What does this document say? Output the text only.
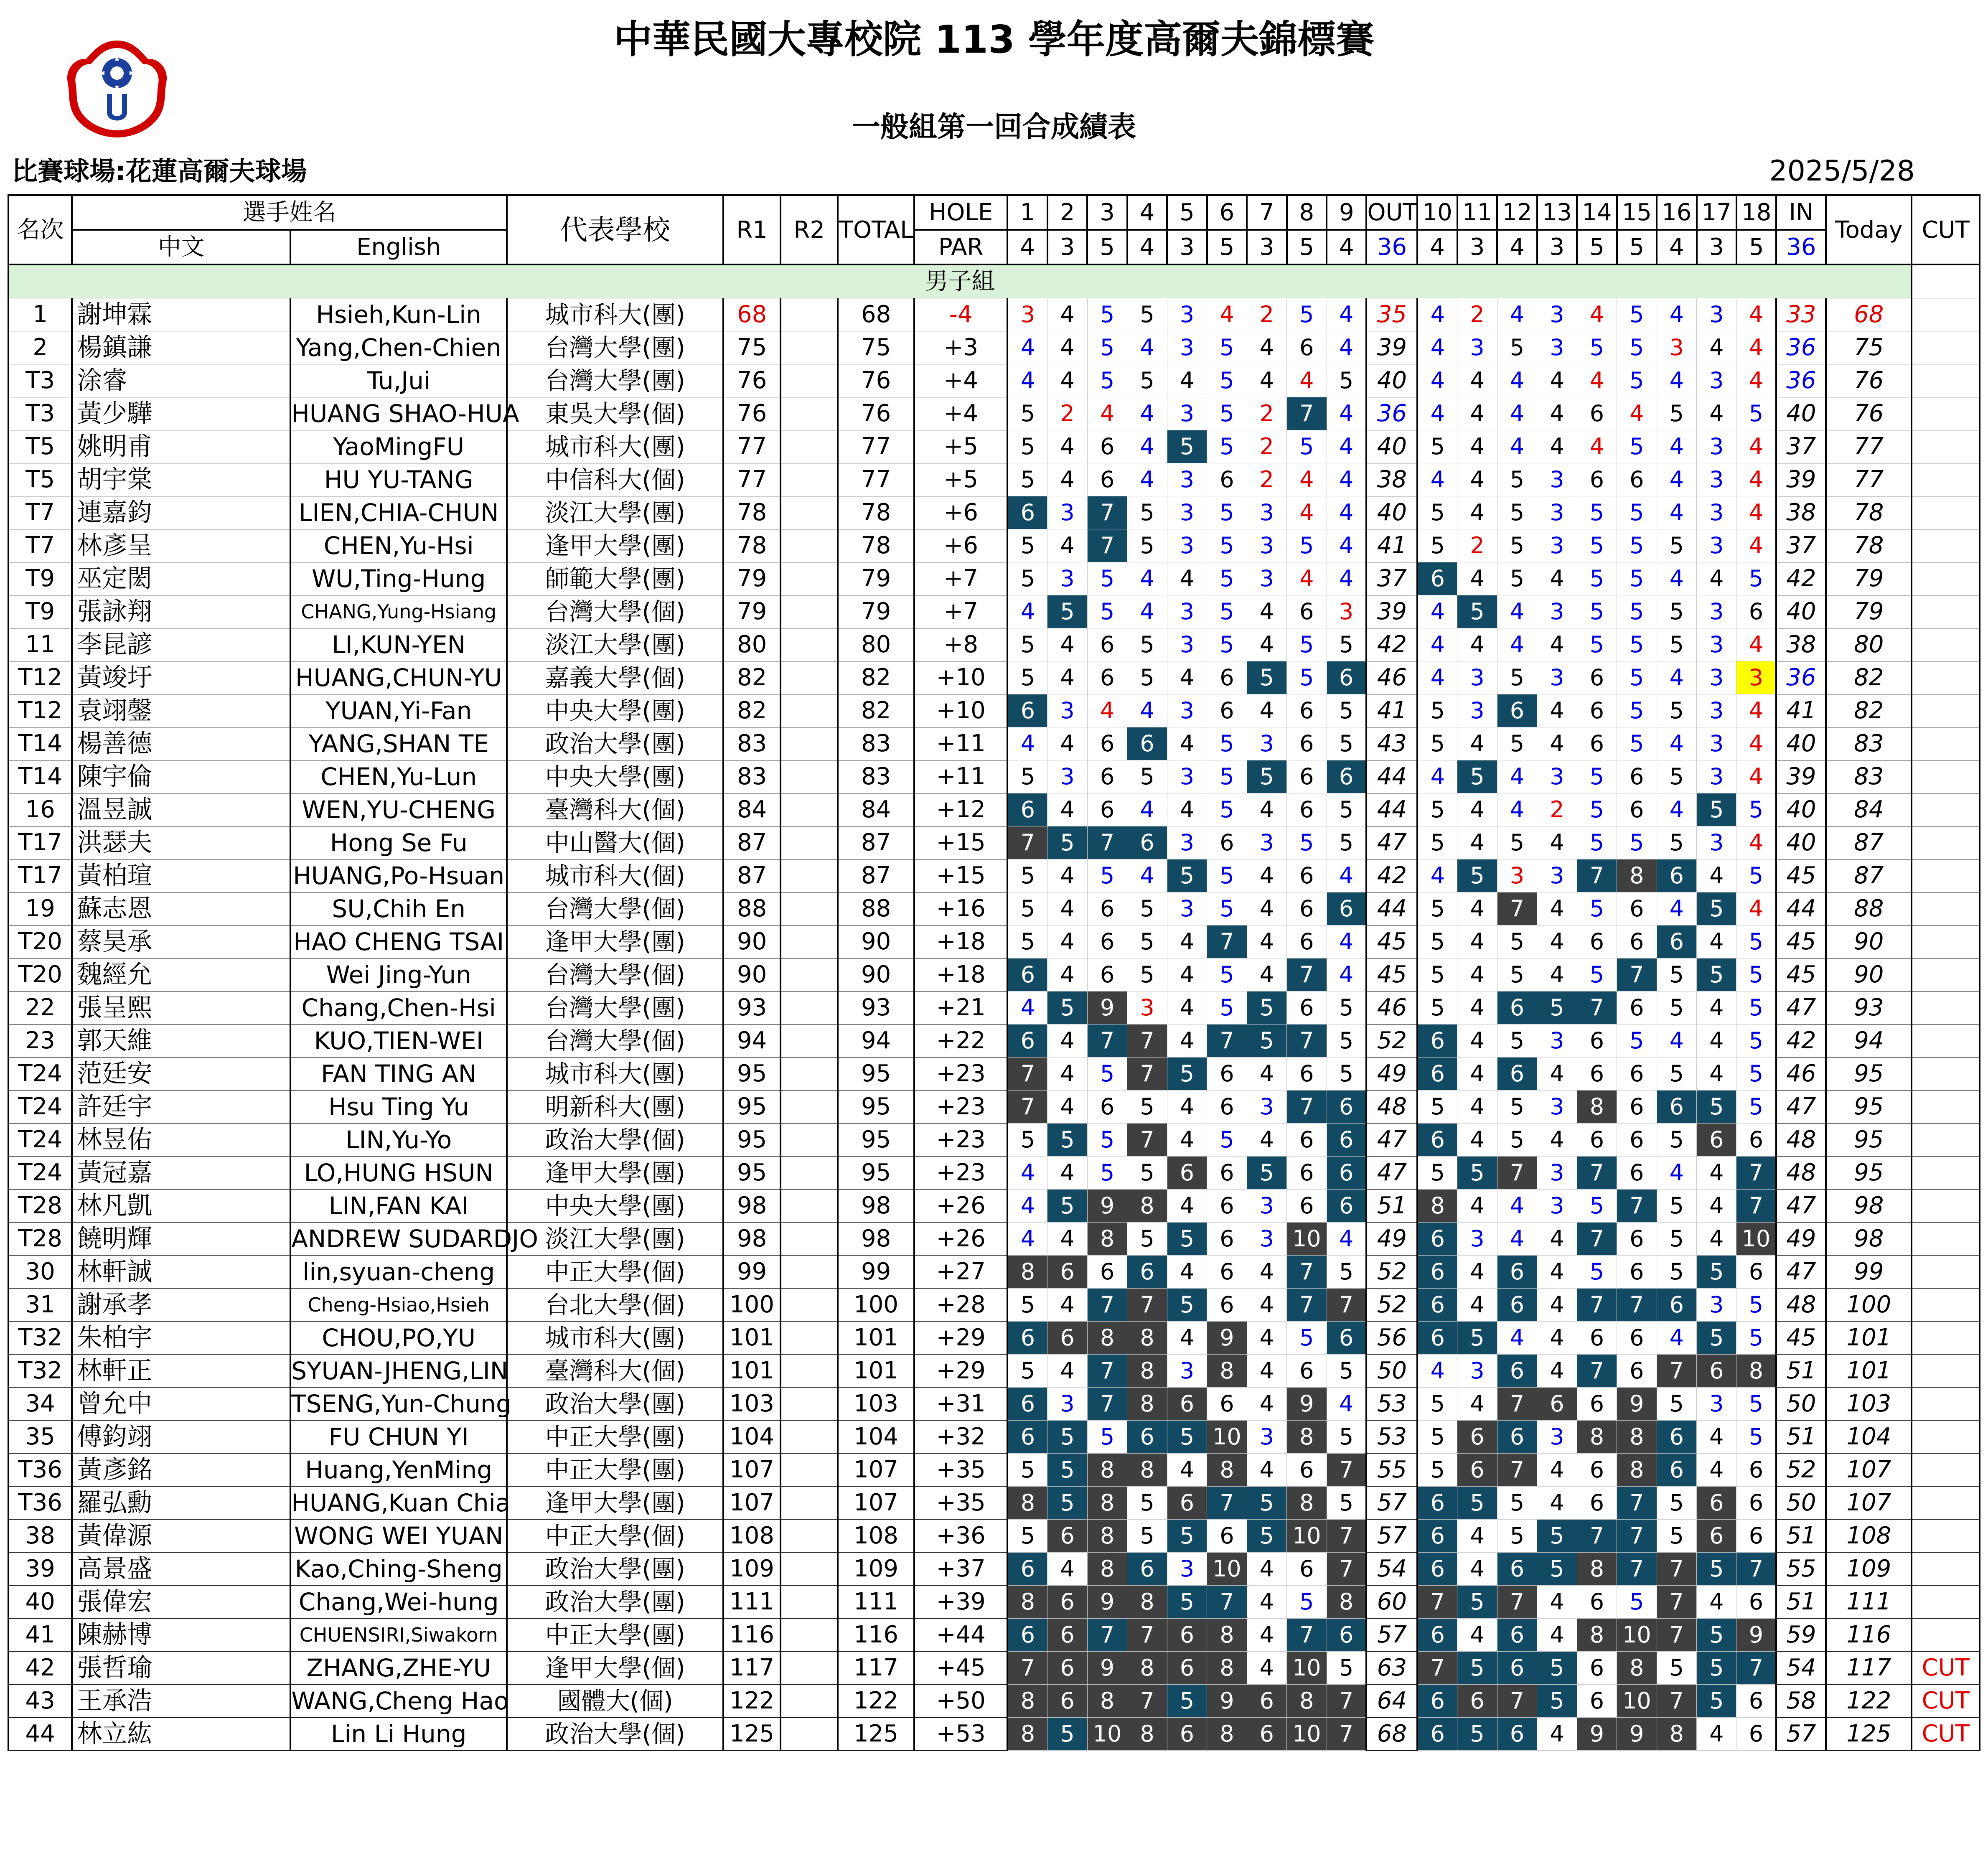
中華民國大專校院 113 學年度高爾夫錦標賽
一般組第一回合成績表
比賽球場:花蓮高爾夫球場	2025/5/28
名次	選手姓名		代表學校	R1	R2	TOTAL	HOLE	1	2	3	4	5	6	7	8	9	OUT	10	11	12	13	14	15	16	17	18	IN	Today	CUT
	中文	English					PAR	4	3	5	4	3	5	3	5	4	36	4	3	4	3	5	5	4	3	5	36		
男子組																													
1	謝坤霖	Hsieh,Kun-Lin	城市科大(團)	68		68	-4	3	4	5	5	3	4	2	5	4	35	4	2	4	3	4	5	4	3	4	33	68	
2	楊鎮謙	Yang,Chen-Chien	台灣大學(團)	75		75	+3	4	4	5	4	3	5	4	6	4	39	4	3	5	3	5	5	3	4	4	36	75	
T3	涂睿	Tu,Jui	台灣大學(團)	76		76	+4	4	4	5	5	4	5	4	4	5	40	4	4	4	4	4	5	4	3	4	36	76	
T3	黃少驊	HUANG SHAO-HUA	東吳大學(個)	76		76	+4	5	2	4	4	3	5	2	7	4	36	4	4	4	4	6	4	5	4	5	40	76	
T5	姚明甫	YaoMingFU	城市科大(團)	77		77	+5	5	4	6	4	5	5	2	5	4	40	5	4	4	4	4	5	4	3	4	37	77	
T5	胡宇棠	HU YU-TANG	中信科大(個)	77		77	+5	5	4	6	4	3	6	2	4	4	38	4	4	5	3	6	6	4	3	4	39	77	
T7	連嘉鈞	LIEN,CHIA-CHUN	淡江大學(團)	78		78	+6	6	3	7	5	3	5	3	4	4	40	5	4	5	3	5	5	4	3	4	38	78	
T7	林彥呈	CHEN,Yu-Hsi	逢甲大學(團)	78		78	+6	5	4	7	5	3	5	3	5	4	41	5	2	5	3	5	5	5	3	4	37	78	
T9	巫定閎	WU,Ting-Hung	師範大學(團)	79		79	+7	5	3	5	4	4	5	3	4	4	37	6	4	5	4	5	5	4	4	5	42	79	
T9	張詠翔	CHANG,Yung-Hsiang	台灣大學(個)	79		79	+7	4	5	5	4	3	5	4	6	3	39	4	5	4	3	5	5	5	3	6	40	79	
11	李昆諺	LI,KUN-YEN	淡江大學(團)	80		80	+8	5	4	6	5	3	5	4	5	5	42	4	4	4	4	5	5	5	3	4	38	80	
T12	黃竣圩	HUANG,CHUN-YU	嘉義大學(個)	82		82	+10	5	4	6	5	4	6	5	5	6	46	4	3	5	3	6	5	4	3	3	36	82	
T12	袁翊鏧	YUAN,Yi-Fan	中央大學(團)	82		82	+10	6	3	4	4	3	6	4	6	5	41	5	3	6	4	6	5	5	3	4	41	82	
T14	楊善德	YANG,SHAN TE	政治大學(團)	83		83	+11	4	4	6	6	4	5	3	6	5	43	5	4	5	4	6	5	4	3	4	40	83	
T14	陳宇倫	CHEN,Yu-Lun	中央大學(團)	83		83	+11	5	3	6	5	3	5	5	6	6	44	4	5	4	3	5	6	5	3	4	39	83	
16	溫昱誠	WEN,YU-CHENG	臺灣科大(個)	84		84	+12	6	4	6	4	4	5	4	6	5	44	5	4	4	2	5	6	4	5	5	40	84	
T17	洪瑟夫	Hong Se Fu	中山醫大(個)	87		87	+15	7	5	7	6	3	6	3	5	5	47	5	4	5	4	5	5	5	3	4	40	87	
T17	黃柏瑄	HUANG,Po-Hsuan	城市科大(個)	87		87	+15	5	4	5	4	5	5	4	6	4	42	4	5	3	3	7	8	6	4	5	45	87	
19	蘇志恩	SU,Chih En	台灣大學(個)	88		88	+16	5	4	6	5	3	5	4	6	6	44	5	4	7	4	5	6	4	5	4	44	88	
T20	蔡昊承	HAO CHENG TSAI	逢甲大學(團)	90		90	+18	5	4	6	5	4	7	4	6	4	45	5	4	5	4	6	6	6	4	5	45	90	
T20	魏經允	Wei Jing-Yun	台灣大學(個)	90		90	+18	6	4	6	5	4	5	4	7	4	45	5	4	5	4	5	7	5	5	5	45	90	
22	張呈熙	Chang,Chen-Hsi	台灣大學(團)	93		93	+21	4	5	9	3	4	5	5	6	5	46	5	4	6	5	7	6	5	4	5	47	93	
23	郭天維	KUO,TIEN-WEI	台灣大學(個)	94		94	+22	6	4	7	7	4	7	5	7	5	52	6	4	5	3	6	5	4	4	5	42	94	
T24	范廷安	FAN TING AN	城市科大(團)	95		95	+23	7	4	5	7	5	6	4	6	5	49	6	4	6	4	6	6	5	4	5	46	95	
T24	許廷宇	Hsu Ting Yu	明新科大(團)	95		95	+23	7	4	6	5	4	6	3	7	6	48	5	4	5	3	8	6	6	5	5	47	95	
T24	林昱佑	LIN,Yu-Yo	政治大學(個)	95		95	+23	5	5	5	7	4	5	4	6	6	47	6	4	5	4	6	6	5	6	6	48	95	
T24	黃冠嘉	LO,HUNG HSUN	逢甲大學(團)	95		95	+23	4	4	5	5	6	6	5	6	6	47	5	5	7	3	7	6	4	4	7	48	95	
T28	林凡凱	LIN,FAN KAI	中央大學(團)	98		98	+26	4	5	9	8	4	6	3	6	6	51	8	4	4	3	5	7	5	4	7	47	98	
T28	饒明輝	ANDREW SUDARDJO	淡江大學(團)	98		98	+26	4	4	8	5	5	6	3	10	4	49	6	3	4	4	7	6	5	4	10	49	98	
30	林軒誠	lin,syuan-cheng	中正大學(個)	99		99	+27	8	6	6	6	4	6	4	7	5	52	6	4	6	4	5	6	5	5	6	47	99	
31	謝承孝	Cheng-Hsiao,Hsieh	台北大學(個)	100		100	+28	5	4	7	7	5	6	4	7	7	52	6	4	6	4	7	7	6	3	5	48	100	
T32	朱柏宇	CHOU,PO,YU	城市科大(團)	101		101	+29	6	6	8	8	4	9	4	5	6	56	6	5	4	4	6	6	4	5	5	45	101	
T32	林軒正	SYUAN-JHENG,LIN	臺灣科大(個)	101		101	+29	5	4	7	8	3	8	4	6	5	50	4	3	6	4	7	6	7	6	8	51	101	
34	曾允中	TSENG,Yun-Chung	政治大學(團)	103		103	+31	6	3	7	8	6	6	4	9	4	53	5	4	7	6	6	9	5	3	5	50	103	
35	傅鈞翊	FU CHUN YI	中正大學(團)	104		104	+32	6	5	5	6	5	10	3	8	5	53	5	6	6	3	8	8	6	4	5	51	104	
T36	黃彥銘	Huang,YenMing	中正大學(團)	107		107	+35	5	5	8	8	4	8	4	6	7	55	5	6	7	4	6	8	6	4	6	52	107	
T36	羅弘勳	HUANG,Kuan Chia	逢甲大學(團)	107		107	+35	8	5	8	5	6	7	5	8	5	57	6	5	5	4	6	7	5	6	6	50	107	
38	黃偉源	WONG WEI YUAN	中正大學(個)	108		108	+36	5	6	8	5	5	6	5	10	7	57	6	4	5	5	7	7	5	6	6	51	108	
39	高景盛	Kao,Ching-Sheng	政治大學(團)	109		109	+37	6	4	8	6	3	10	4	6	7	54	6	4	6	5	8	7	7	5	7	55	109	
40	張偉宏	Chang,Wei-hung	政治大學(團)	111		111	+39	8	6	9	8	5	7	4	5	8	60	7	5	7	4	6	5	7	4	6	51	111	
41	陳赫博	CHUENSIRI,Siwakorn	中正大學(團)	116		116	+44	6	6	7	7	6	8	4	7	6	57	6	4	6	4	8	10	7	5	9	59	116	
42	張哲瑜	ZHANG,ZHE-YU	逢甲大學(個)	117		117	+45	7	6	9	8	6	8	4	10	5	63	7	5	6	5	6	8	5	5	7	54	117	CUT
43	王承浩	WANG,Cheng Hao	國體大(個)	122		122	+50	8	6	8	7	5	9	6	8	7	64	6	6	7	5	6	10	7	5	6	58	122	CUT
44	林立紘	Lin Li Hung	政治大學(個)	125		125	+53	8	5	10	8	6	8	6	10	7	68	6	5	6	4	9	9	8	4	6	57	125	CUT
